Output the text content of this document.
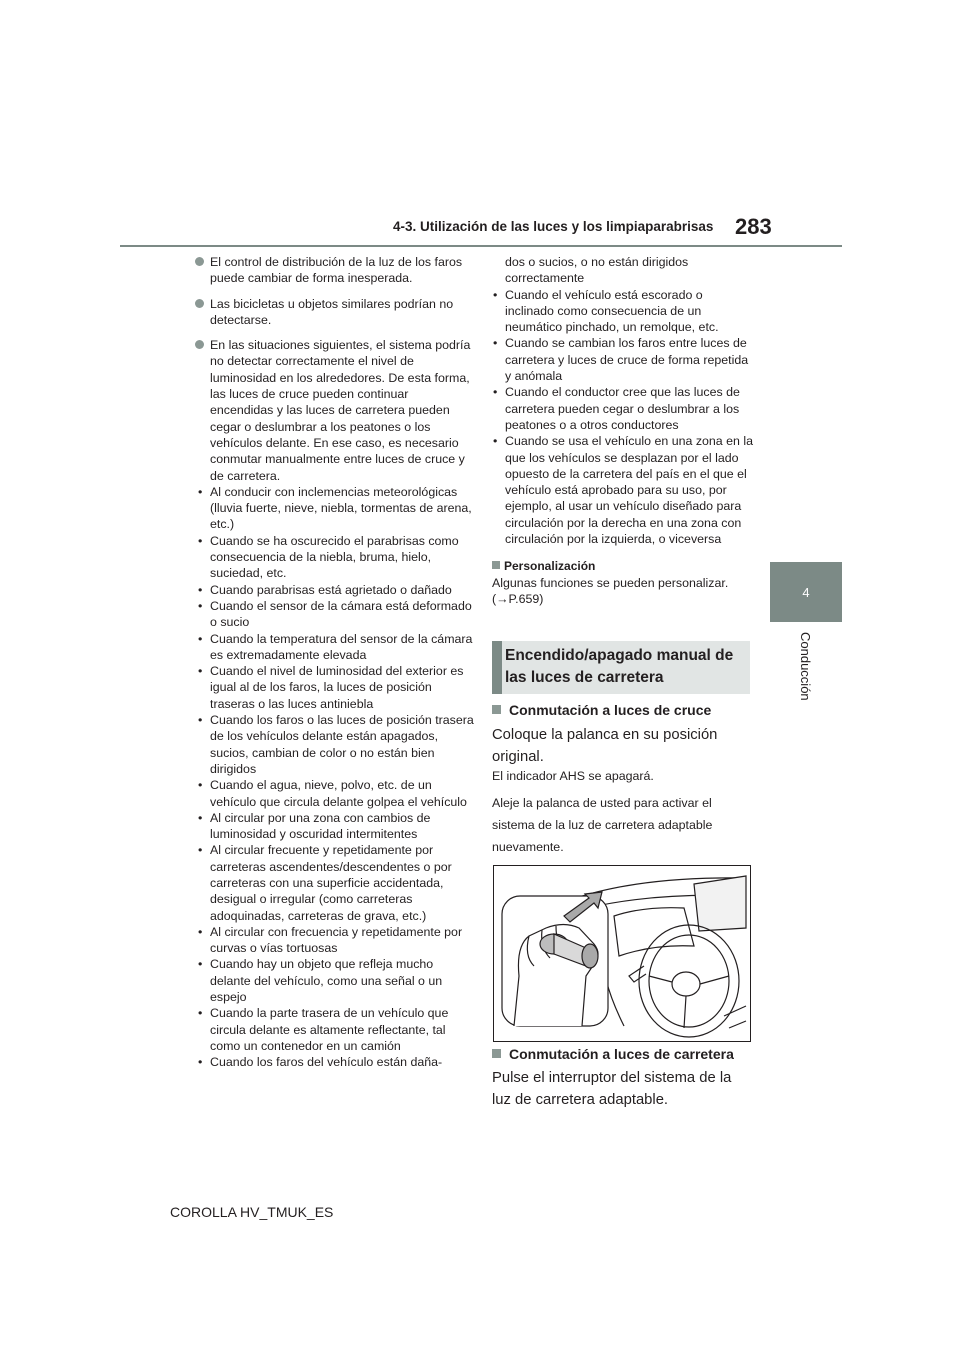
4-3. Utilización de las luces y los limpiaparabrisas 283
4
Conducción
El control de distribución de la luz de los faros puede cambiar de forma inesperada.
Las bicicletas u objetos similares podrían no detectarse.
En las situaciones siguientes, el sistema podría no detectar correctamente el nivel de luminosidad en los alrededores. De esta forma, las luces de cruce pueden continuar encendidas y las luces de carretera pueden cegar o deslumbrar a los peatones o los vehículos delante. En ese caso, es necesario conmutar manualmente entre luces de cruce y de carretera.
• Al conducir con inclemencias meteorológicas (lluvia fuerte, nieve, niebla, tormentas de arena, etc.)
• Cuando se ha oscurecido el parabrisas como consecuencia de la niebla, bruma, hielo, suciedad, etc.
• Cuando parabrisas está agrietado o dañado
• Cuando el sensor de la cámara está deformado o sucio
• Cuando la temperatura del sensor de la cámara es extremadamente elevada
• Cuando el nivel de luminosidad del exterior es igual al de los faros, la luces de posición traseras o las luces antiniebla
• Cuando los faros o las luces de posición trasera de los vehículos delante están apagados, sucios, cambian de color o no están bien dirigidos
• Cuando el agua, nieve, polvo, etc. de un vehículo que circula delante golpea el vehículo
• Al circular por una zona con cambios de luminosidad y oscuridad intermitentes
• Al circular frecuente y repetidamente por carreteras ascendentes/descendentes o por carreteras con una superficie accidentada, desigual o irregular (como carreteras adoquinadas, carreteras de grava, etc.)
• Al circular con frecuencia y repetidamente por curvas o vías tortuosas
• Cuando hay un objeto que refleja mucho delante del vehículo, como una señal o un espejo
• Cuando la parte trasera de un vehículo que circula delante es altamente reflectante, tal como un contenedor en un camión
• Cuando los faros del vehículo están daña-
dos o sucios, o no están dirigidos correctamente
• Cuando el vehículo está escorado o inclinado como consecuencia de un neumático pinchado, un remolque, etc.
• Cuando se cambian los faros entre luces de carretera y luces de cruce de forma repetida y anómala
• Cuando el conductor cree que las luces de carretera pueden cegar o deslumbrar a los peatones o a otros conductores
• Cuando se usa el vehículo en una zona en la que los vehículos se desplazan por el lado opuesto de la carretera del país en el que el vehículo está aprobado para su uso, por ejemplo, al usar un vehículo diseñado para circulación por la derecha en una zona con circulación por la izquierda, o viceversa
Personalización
Algunas funciones se pueden personalizar.
(→P.659)
Encendido/apagado manual de las luces de carretera
Conmutación a luces de cruce
Coloque la palanca en su posición original.
El indicador AHS se apagará.
Aleje la palanca de usted para activar el sistema de la luz de carretera adaptable nuevamente.
Conmutación a luces de carretera
Pulse el interruptor del sistema de la luz de carretera adaptable.
COROLLA HV_TMUK_ES
